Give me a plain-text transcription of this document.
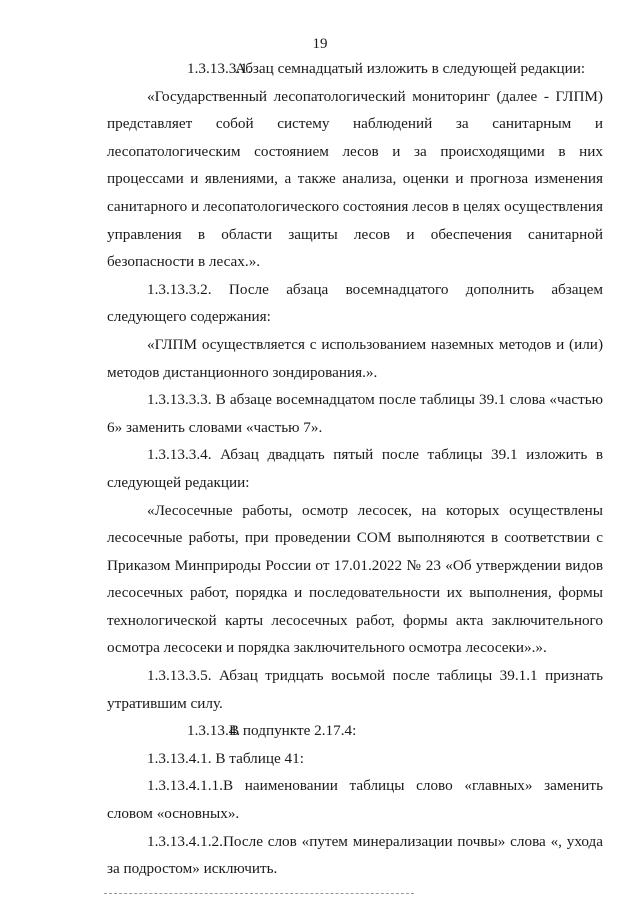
19

1.3.13.3.1.Абзац семнадцатый изложить в следующей редакции:

«Государственный лесопатологический мониторинг (далее - ГЛПМ) представляет собой систему наблюдений за санитарным и лесопатологическим состоянием лесов и за происходящими в них процессами и явлениями, а также анализа, оценки и прогноза изменения санитарного и лесопатологического состояния лесов в целях осуществления управления в области защиты лесов и обеспечения санитарной безопасности в лесах.».

1.3.13.3.2. После абзаца восемнадцатого дополнить абзацем следующего содержания:

«ГЛПМ осуществляется с использованием наземных методов и (или) методов дистанционного зондирования.».

1.3.13.3.3. В абзаце восемнадцатом после таблицы 39.1 слова «частью 6» заменить словами «частью 7».

1.3.13.3.4. Абзац двадцать пятый после таблицы 39.1 изложить в следующей редакции:

«Лесосечные работы, осмотр лесосек, на которых осуществлены лесосечные работы, при проведении СОМ выполняются в соответствии с Приказом Минприроды России от 17.01.2022 № 23 «Об утверждении видов лесосечных работ, порядка и последовательности их выполнения, формы технологической карты лесосечных работ, формы акта заключительного осмотра лесосеки и порядка заключительного осмотра лесосеки».».

1.3.13.3.5. Абзац тридцать восьмой после таблицы 39.1.1 признать утратившим силу.

1.3.13.4.В подпункте 2.17.4:

1.3.13.4.1. В таблице 41:

1.3.13.4.1.1.В наименовании таблицы слово «главных» заменить словом «основных».

1.3.13.4.1.2.После слов «путем минерализации почвы» слова «, ухода за подростом» исключить.
